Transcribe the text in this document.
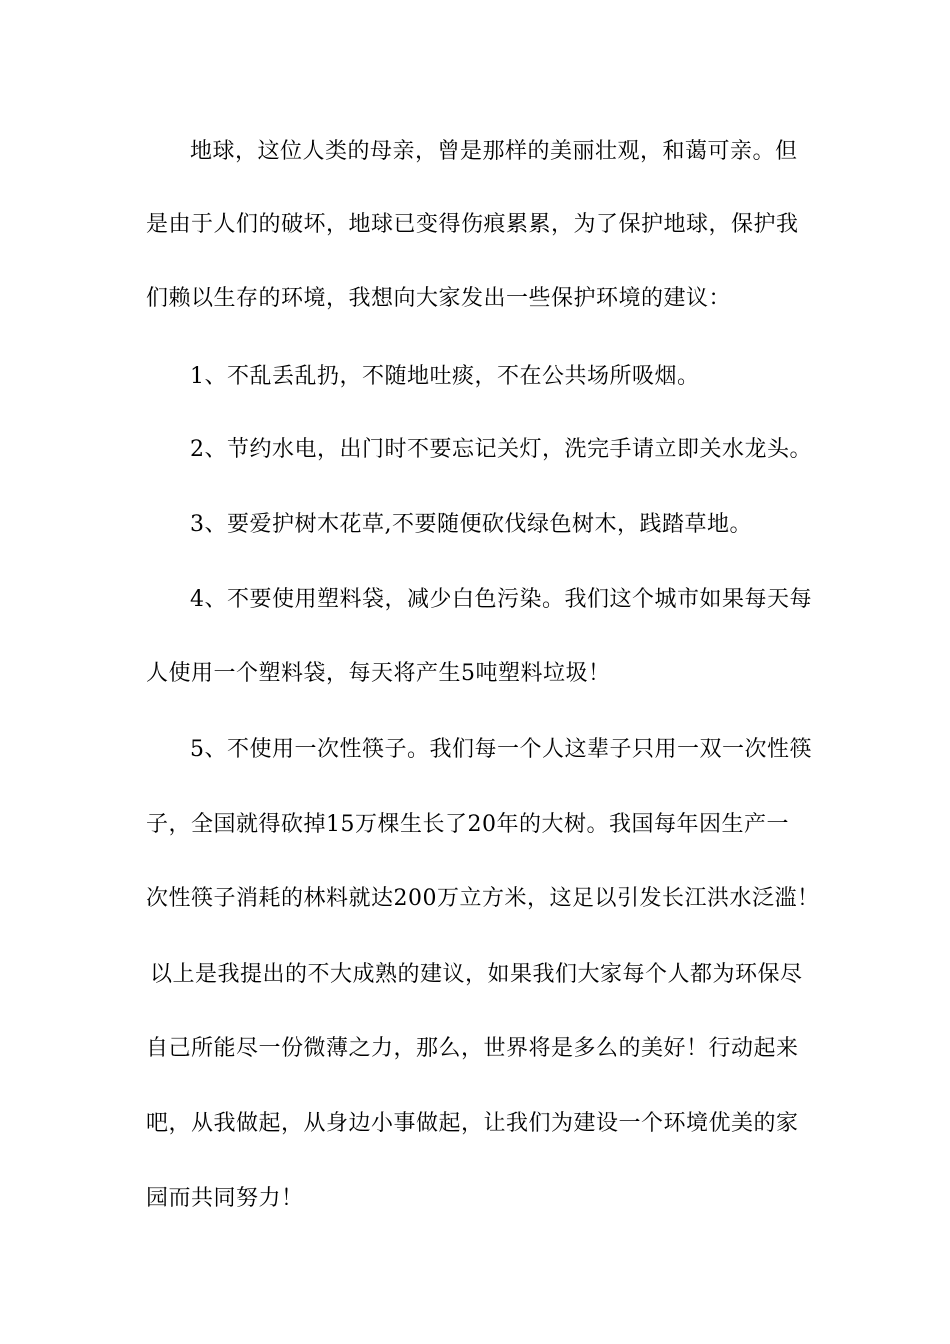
地球，这位人类的母亲，曾是那样的美丽壮观，和蔼可亲。但
是由于人们的破坏，地球已变得伤痕累累，为了保护地球，保护我
们赖以生存的环境，我想向大家发出一些保护环境的建议：
1、不乱丢乱扔，不随地吐痰，不在公共场所吸烟。
2、节约水电，出门时不要忘记关灯，洗完手请立即关水龙头。
3、要爱护树木花草,不要随便砍伐绿色树木，践踏草地。
4、不要使用塑料袋，减少白色污染。我们这个城市如果每天每
人使用一个塑料袋，每天将产生5吨塑料垃圾！
5、不使用一次性筷子。我们每一个人这辈子只用一双一次性筷
子，全国就得砍掉15万棵生长了20年的大树。我国每年因生产一
次性筷子消耗的林料就达200万立方米，这足以引发长江洪水泛滥！
以上是我提出的不大成熟的建议，如果我们大家每个人都为环保尽
自己所能尽一份微薄之力，那么，世界将是多么的美好！行动起来
吧，从我做起，从身边小事做起，让我们为建设一个环境优美的家
园而共同努力！
